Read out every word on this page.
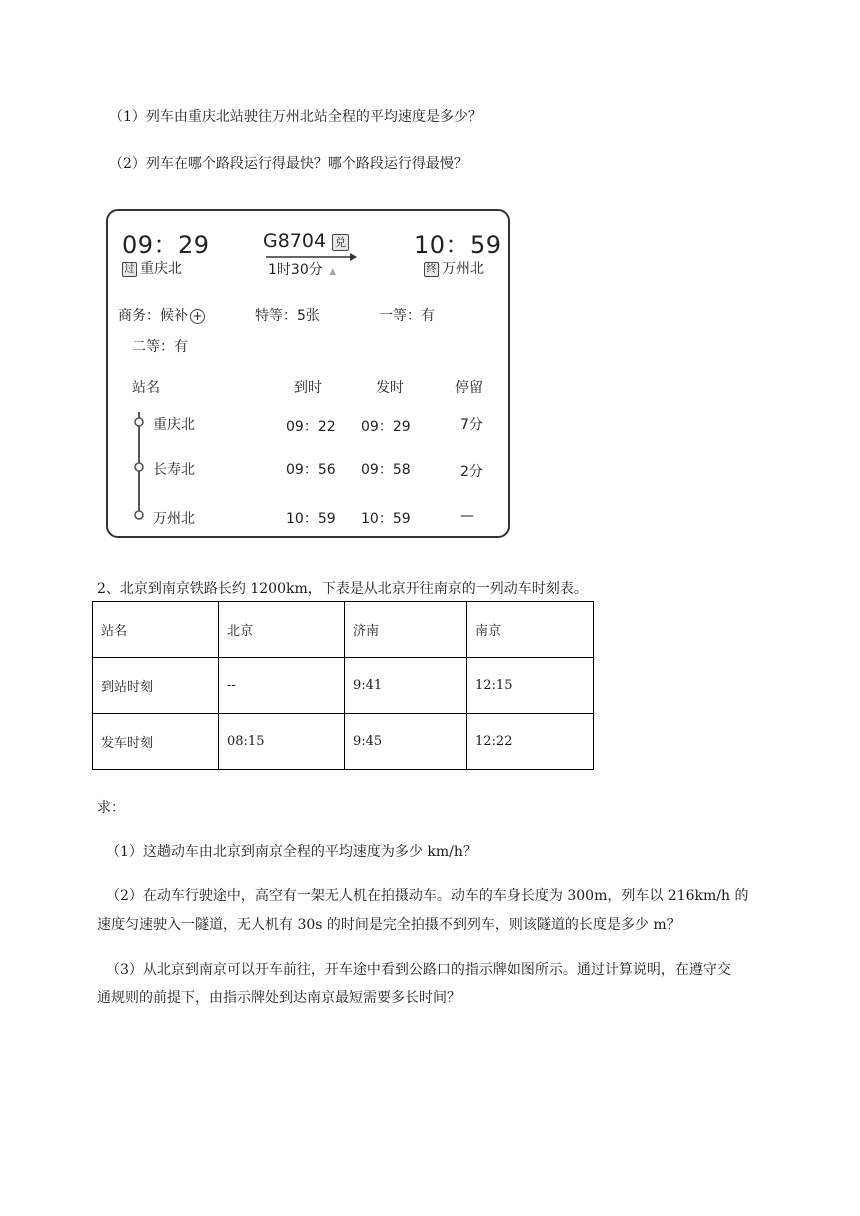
（1）列车由重庆北站驶往万州北站全程的平均速度是多少？
（2）列车在哪个路段运行得最快？哪个路段运行得最慢？
09：29	10：59
G8704 兑
1时30分 ▲
过 重庆北	终 万州北
商务：候补 +	特等：5张	一等：有
二等：有
站名	到时	发时	停留
重庆北	09：22 09：29	7分
长寿北	09：56 09：58	2分
万州北	10：59 10：59	—
2、北京到南京铁路长约 1200km，下表是从北京开往南京的一列动车时刻表。
站名	北京	济南	南京
到站时刻	--	9:41	12:15
发车时刻	08:15	9:45	12:22
求：
（1）这趟动车由北京到南京全程的平均速度为多少 km/h？
（2）在动车行驶途中，高空有一架无人机在拍摄动车。动车的车身长度为 300m，列车以 216km/h 的
速度匀速驶入一隧道，无人机有 30s 的时间是完全拍摄不到列车，则该隧道的长度是多少 m？
（3）从北京到南京可以开车前往，开车途中看到公路口的指示牌如图所示。通过计算说明，在遵守交
通规则的前提下，由指示牌处到达南京最短需要多长时间？
